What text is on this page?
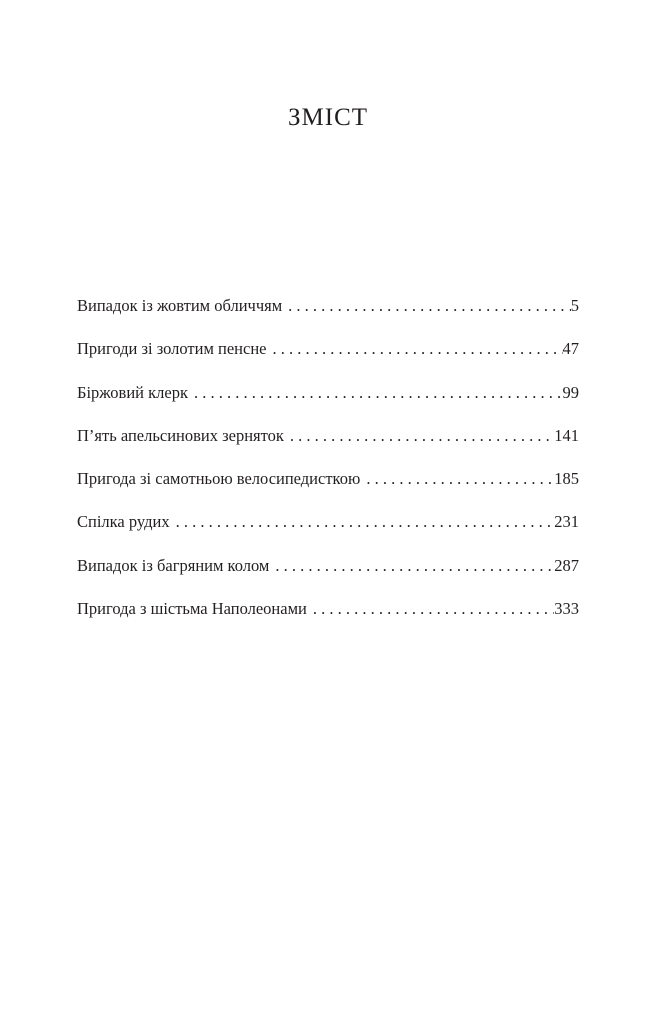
ЗМІСТ
Випадок із жовтим обличчям . . .	5
Пригоди зі золотим пенсне . . .	47
Біржовий клерк . . .	99
П’ять апельсинових зерняток . . .	141
Пригода зі самотньою велосипедисткою . . .	185
Спілка рудих . . .	231
Випадок із багряним колом . . .	287
Пригода з шістьма Наполеонами . . .	333
